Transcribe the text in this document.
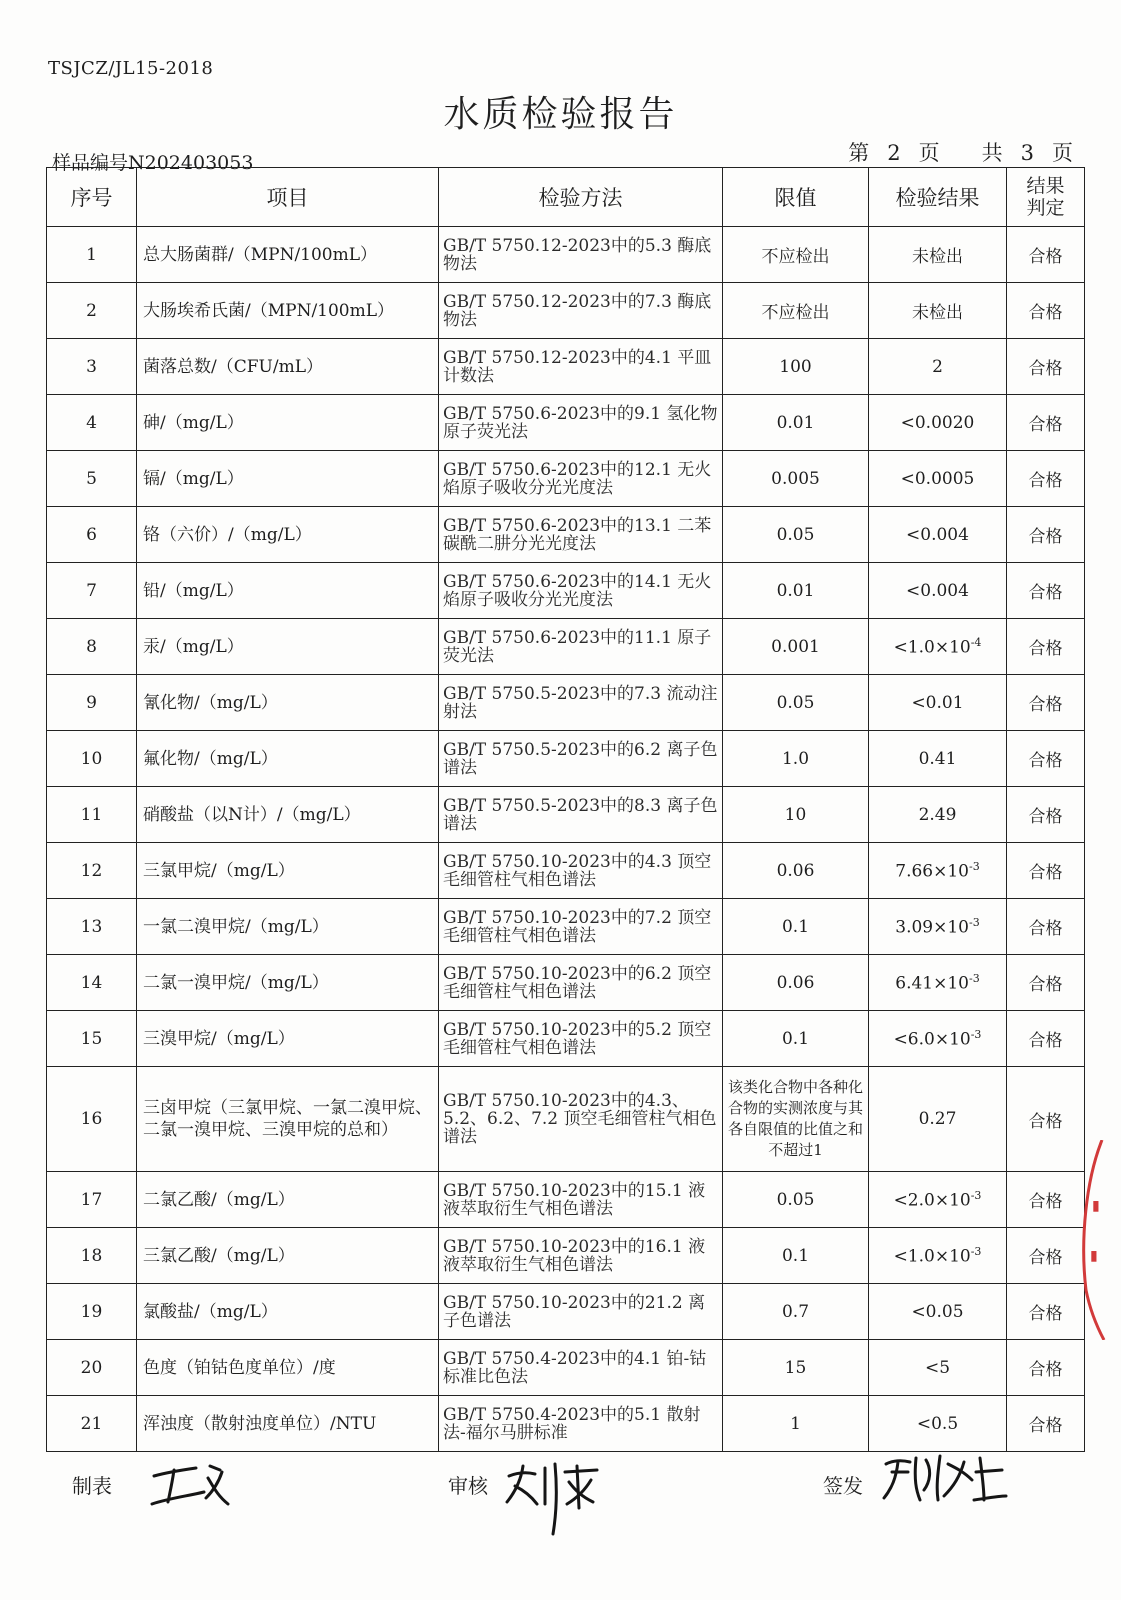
TSJCZ/JL15-2018
水质检验报告
样品编号N202403053	第 2 页 共 3 页
序号	项目	检验方法	限值	检验结果	结果
判定
1	总大肠菌群/（MPN/100mL）	GB/T 5750.12-2023中的5.3 酶底物法	不应检出	未检出	合格
2	大肠埃希氏菌/（MPN/100mL）	GB/T 5750.12-2023中的7.3 酶底物法	不应检出	未检出	合格
3	菌落总数/（CFU/mL）	GB/T 5750.12-2023中的4.1 平皿计数法	100	2	合格
4	砷/（mg/L）	GB/T 5750.6-2023中的9.1 氢化物原子荧光法	0.01	<0.0020	合格
5	镉/（mg/L）	GB/T 5750.6-2023中的12.1 无火焰原子吸收分光光度法	0.005	<0.0005	合格
6	铬（六价）/（mg/L）	GB/T 5750.6-2023中的13.1 二苯碳酰二肼分光光度法	0.05	<0.004	合格
7	铅/（mg/L）	GB/T 5750.6-2023中的14.1 无火焰原子吸收分光光度法	0.01	<0.004	合格
8	汞/（mg/L）	GB/T 5750.6-2023中的11.1 原子荧光法	0.001	$<1.0\times 10^{-4}$	合格
9	氰化物/（mg/L）	GB/T 5750.5-2023中的7.3 流动注射法	0.05	<0.01	合格
10	氟化物/（mg/L）	GB/T 5750.5-2023中的6.2 离子色谱法	1.0	0.41	合格
11	硝酸盐（以N计）/（mg/L）	GB/T 5750.5-2023中的8.3 离子色谱法	10	2.49	合格
12	三氯甲烷/（mg/L）	GB/T 5750.10-2023中的4.3 顶空毛细管柱气相色谱法	0.06	$7.66\times 10^{-3}$	合格
13	一氯二溴甲烷/（mg/L）	GB/T 5750.10-2023中的7.2 顶空毛细管柱气相色谱法	0.1	$3.09\times 10^{-3}$	合格
14	二氯一溴甲烷/（mg/L）	GB/T 5750.10-2023中的6.2 顶空毛细管柱气相色谱法	0.06	$6.41\times 10^{-3}$	合格
15	三溴甲烷/（mg/L）	GB/T 5750.10-2023中的5.2 顶空毛细管柱气相色谱法	0.1	$<6.0\times 10^{-3}$	合格
16	三卤甲烷（三氯甲烷、一氯二溴甲烷、二氯一溴甲烷、三溴甲烷的总和）	GB/T 5750.10-2023中的4.3、5.2、6.2、7.2 顶空毛细管柱气相色谱法	该类化合物中各种化合物的实测浓度与其各自限值的比值之和不超过1	0.27	合格
17	二氯乙酸/（mg/L）	GB/T 5750.10-2023中的15.1 液液萃取衍生气相色谱法	0.05	$<2.0\times 10^{-3}$	合格
18	三氯乙酸/（mg/L）	GB/T 5750.10-2023中的16.1 液液萃取衍生气相色谱法	0.1	$<1.0\times 10^{-3}$	合格
19	氯酸盐/（mg/L）	GB/T 5750.10-2023中的21.2 离子色谱法	0.7	<0.05	合格
20	色度（铂钴色度单位）/度	GB/T 5750.4-2023中的4.1 铂-钴标准比色法	15	<5	合格
21	浑浊度（散射浊度单位）/NTU	GB/T 5750.4-2023中的5.1 散射法-福尔马肼标准	1	<0.5	合格
制表	审核	签发
▮
▮
